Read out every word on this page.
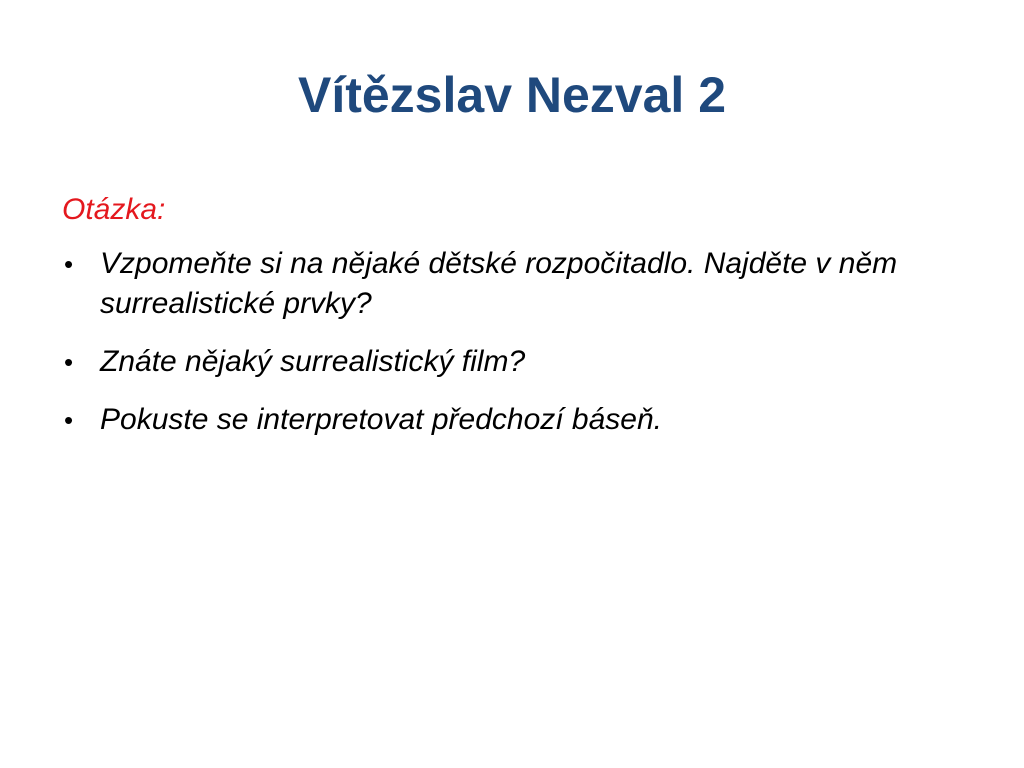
Vítězslav Nezval 2

Otázka:

• Vzpomeňte si na nějaké dětské rozpočitadlo. Najděte v něm surrealistické prvky?
• Znáte nějaký surrealistický film?
• Pokuste se interpretovat předchozí báseň.
